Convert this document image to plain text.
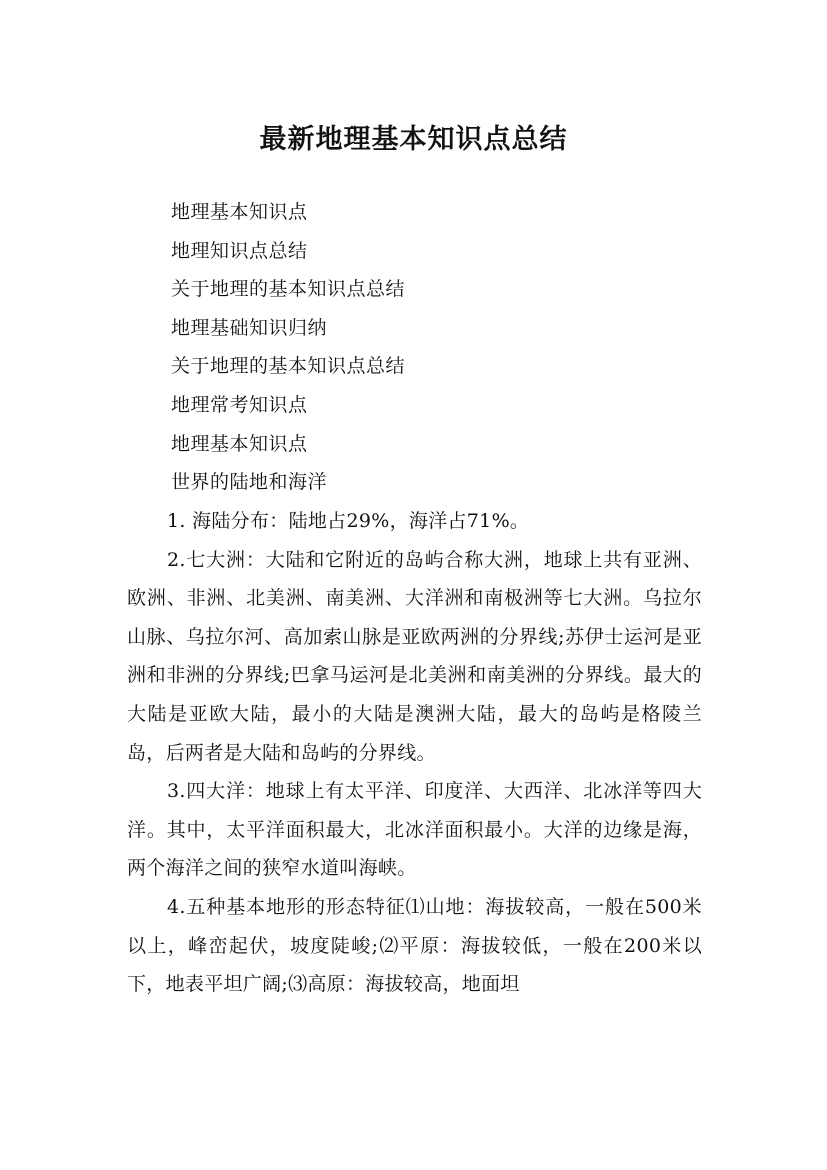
最新地理基本知识点总结
地理基本知识点
地理知识点总结
关于地理的基本知识点总结
地理基础知识归纳
关于地理的基本知识点总结
地理常考知识点
地理基本知识点
世界的陆地和海洋

1. 海陆分布：陆地占29%，海洋占71%。

2.七大洲：大陆和它附近的岛屿合称大洲，地球上共有亚洲、欧洲、非洲、北美洲、南美洲、大洋洲和南极洲等七大洲。乌拉尔山脉、乌拉尔河、高加索山脉是亚欧两洲的分界线;苏伊士运河是亚洲和非洲的分界线;巴拿马运河是北美洲和南美洲的分界线。最大的大陆是亚欧大陆，最小的大陆是澳洲大陆，最大的岛屿是格陵兰岛，后两者是大陆和岛屿的分界线。

3.四大洋：地球上有太平洋、印度洋、大西洋、北冰洋等四大洋。其中，太平洋面积最大，北冰洋面积最小。大洋的边缘是海，两个海洋之间的狭窄水道叫海峡。

4.五种基本地形的形态特征⑴山地：海拔较高，一般在500米以上，峰峦起伏，坡度陡峻;⑵平原：海拔较低，一般在200米以下，地表平坦广阔;⑶高原：海拔较高，地面坦
